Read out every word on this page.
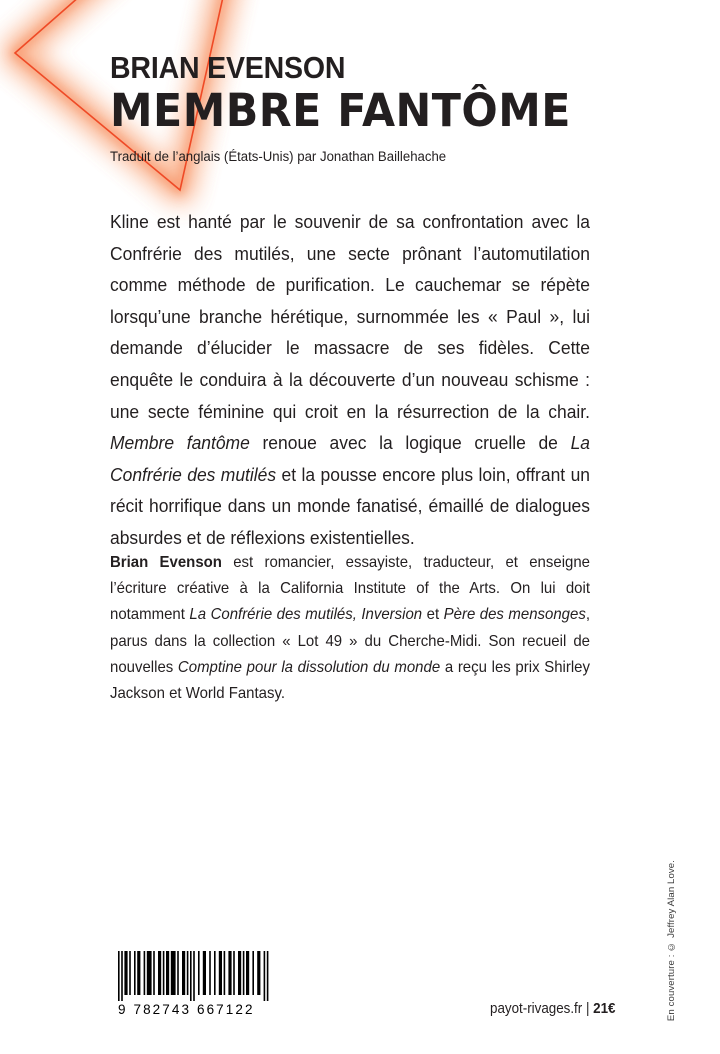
BRIAN EVENSON
MEMBRE FANTÔME
Traduit de l’anglais (États-Unis) par Jonathan Baillehache
Kline est hanté par le souvenir de sa confrontation avec la Confrérie des mutilés, une secte prônant l’automutilation comme méthode de purification. Le cauchemar se répète lorsqu’une branche hérétique, surnommée les « Paul », lui demande d’élucider le massacre de ses fidèles. Cette enquête le conduira à la découverte d’un nouveau schisme : une secte féminine qui croit en la résurrection de la chair. Membre fantôme renoue avec la logique cruelle de La Confrérie des mutilés et la pousse encore plus loin, offrant un récit horrifique dans un monde fanatisé, émaillé de dialogues absurdes et de réflexions existentielles.
Brian Evenson est romancier, essayiste, traducteur, et enseigne l’écriture créative à la California Institute of the Arts. On lui doit notamment La Confrérie des mutilés, Inversion et Père des mensonges, parus dans la collection « Lot 49 » du Cherche-Midi. Son recueil de nouvelles Comptine pour la dissolution du monde a reçu les prix Shirley Jackson et World Fantasy.
9 782743 667122	payot-rivages.fr | 21€	En couverture : © Jeffrey Alan Love.
